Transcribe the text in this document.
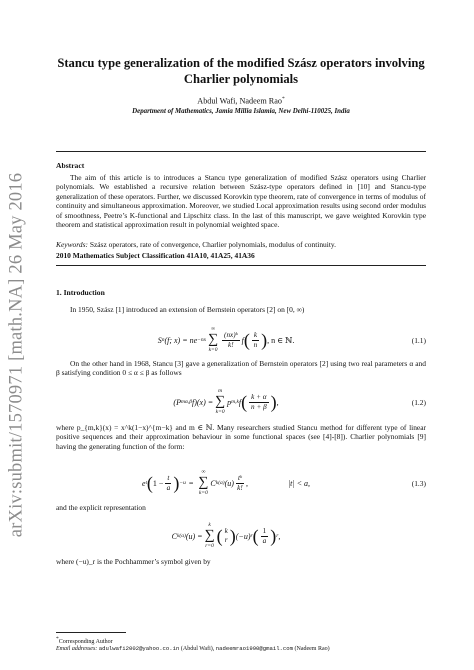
arXiv:submit/1570971 [math.NA] 26 May 2016
Stancu type generalization of the modified Szász operators involving Charlier polynomials
Abdul Wafi, Nadeem Rao*
Department of Mathematics, Jamia Millia Islamia, New Delhi-110025, India
Abstract
The aim of this article is to introduces a Stancu type generalization of modified Szász operators using Charlier polynomials. We established a recursive relation between Szász-type operators defined in [10] and Stancu-type generalization of these operators. Further, we discussed Korovkin type theorem, rate of convergence in terms of modulus of continuity and simultaneous approximation. Moreover, we studied Local approximation results using second order modulus of smoothness, Peetre’s K-functional and Lipschitz class. In the last of this manuscript, we gave weighted Korovkin type theorem and statistical approximation result in polynomial weighted space.
Keywords: Szász operators, rate of convergence, Charlier polynomials, modulus of continuity.
2010 Mathematics Subject Classification 41A10, 41A25, 41A36
1. Introduction
In 1950, Szász [1] introduced an extension of Bernstein operators [2] on [0, ∞)
S n (f; x) = ne −nx
∞
∑
k=0
$\frac{\text{(nx)ᵏ}}{k!}$ f ( $\frac{k}{n}$ ) , n ∈ ℕ.	(1.1)
On the other hand in 1968, Stancu [3] gave a generalization of Bernstein operators [2] using two real parameters α and β satisfying condition 0 ≤ α ≤ β as follows
(P m α,β f)(x) =
m
∑
k=0
p m,k f ( $\frac{k + \alpha}{n + \beta}$ ) ,	(1.2)
where p_{m,k}(x) = x^k(1−x)^{m−k} and m ∈ ℕ. Many researchers studied Stancu method for different type of linear positive sequences and their approximation behaviour in some functional spaces (see [4]-[8]). Charlier polynomials [9] having the generating function of the form:
eᵗ ( $1 - \frac{t}{a}$ ) −u =
∞
∑
k=0
C k (a) $(u) \frac{\text{tᵏ}}{k!}$ ,	|t| < a,	(1.3)
and the explicit representation
C k (a) (u) =
k
∑
r=0 ( k
r ) (−u) r ( $\frac{1}{a}$ ) r ,
where (−u)_r is the Pochhammer’s symbol given by
*Corresponding Author
Email addresses: adulwafi2002@yahoo.co.in (Abdul Wafi), nadeemrao1990@gmail.com (Nadeem Rao)
